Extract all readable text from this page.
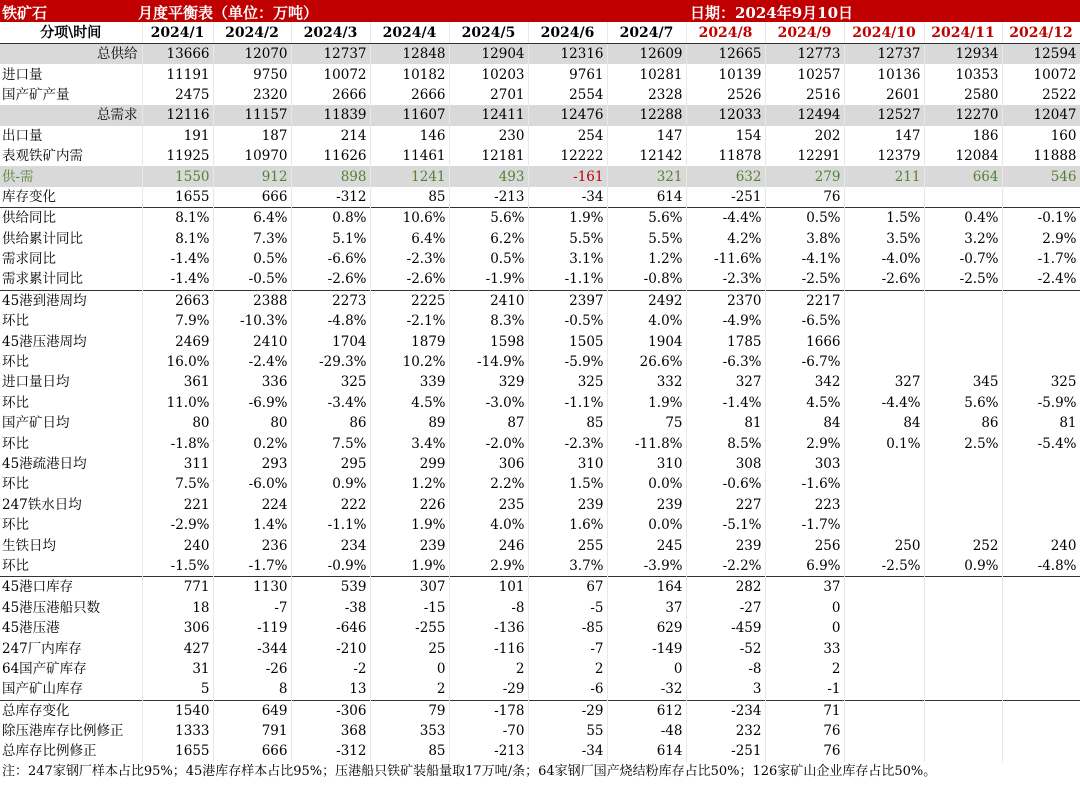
铁矿石	月度平衡表（单位：万吨）	日期：2024年9月10日
分项\时间	2024/1	2024/2	2024/3	2024/4	2024/5	2024/6	2024/7	2024/8	2024/9	2024/10	2024/11	2024/12
总供给	13666	12070	12737	12848	12904	12316	12609	12665	12773	12737	12934	12594
进口量	11191	9750	10072	10182	10203	9761	10281	10139	10257	10136	10353	10072
国产矿产量	2475	2320	2666	2666	2701	2554	2328	2526	2516	2601	2580	2522
总需求	12116	11157	11839	11607	12411	12476	12288	12033	12494	12527	12270	12047
出口量	191	187	214	146	230	254	147	154	202	147	186	160
表观铁矿内需	11925	10970	11626	11461	12181	12222	12142	11878	12291	12379	12084	11888
供-需	1550	912	898	1241	493	-161	321	632	279	211	664	546
库存变化	1655	666	-312	85	-213	-34	614	-251	76			
供给同比	8.1%	6.4%	0.8%	10.6%	5.6%	1.9%	5.6%	-4.4%	0.5%	1.5%	0.4%	-0.1%
供给累计同比	8.1%	7.3%	5.1%	6.4%	6.2%	5.5%	5.5%	4.2%	3.8%	3.5%	3.2%	2.9%
需求同比	-1.4%	0.5%	-6.6%	-2.3%	0.5%	3.1%	1.2%	-11.6%	-4.1%	-4.0%	-0.7%	-1.7%
需求累计同比	-1.4%	-0.5%	-2.6%	-2.6%	-1.9%	-1.1%	-0.8%	-2.3%	-2.5%	-2.6%	-2.5%	-2.4%
45港到港周均	2663	2388	2273	2225	2410	2397	2492	2370	2217			
环比	7.9%	-10.3%	-4.8%	-2.1%	8.3%	-0.5%	4.0%	-4.9%	-6.5%			
45港压港周均	2469	2410	1704	1879	1598	1505	1904	1785	1666			
环比	16.0%	-2.4%	-29.3%	10.2%	-14.9%	-5.9%	26.6%	-6.3%	-6.7%			
进口量日均	361	336	325	339	329	325	332	327	342	327	345	325
环比	11.0%	-6.9%	-3.4%	4.5%	-3.0%	-1.1%	1.9%	-1.4%	4.5%	-4.4%	5.6%	-5.9%
国产矿日均	80	80	86	89	87	85	75	81	84	84	86	81
环比	-1.8%	0.2%	7.5%	3.4%	-2.0%	-2.3%	-11.8%	8.5%	2.9%	0.1%	2.5%	-5.4%
45港疏港日均	311	293	295	299	306	310	310	308	303			
环比	7.5%	-6.0%	0.9%	1.2%	2.2%	1.5%	0.0%	-0.6%	-1.6%			
247铁水日均	221	224	222	226	235	239	239	227	223			
环比	-2.9%	1.4%	-1.1%	1.9%	4.0%	1.6%	0.0%	-5.1%	-1.7%			
生铁日均	240	236	234	239	246	255	245	239	256	250	252	240
环比	-1.5%	-1.7%	-0.9%	1.9%	2.9%	3.7%	-3.9%	-2.2%	6.9%	-2.5%	0.9%	-4.8%
45港口库存	771	1130	539	307	101	67	164	282	37			
45港压港船只数	18	-7	-38	-15	-8	-5	37	-27	0			
45港压港	306	-119	-646	-255	-136	-85	629	-459	0			
247厂内库存	427	-344	-210	25	-116	-7	-149	-52	33			
64国产矿库存	31	-26	-2	0	2	2	0	-8	2			
国产矿山库存	5	8	13	2	-29	-6	-32	3	-1			
总库存变化	1540	649	-306	79	-178	-29	612	-234	71			
除压港库存比例修正	1333	791	368	353	-70	55	-48	232	76			
总库存比例修正	1655	666	-312	85	-213	-34	614	-251	76			
注：247家钢厂样本占比95%；45港库存样本占比95%；压港船只铁矿装船量取17万吨/条；64家钢厂国产烧结粉库存占比50%；126家矿山企业库存占比50%。
